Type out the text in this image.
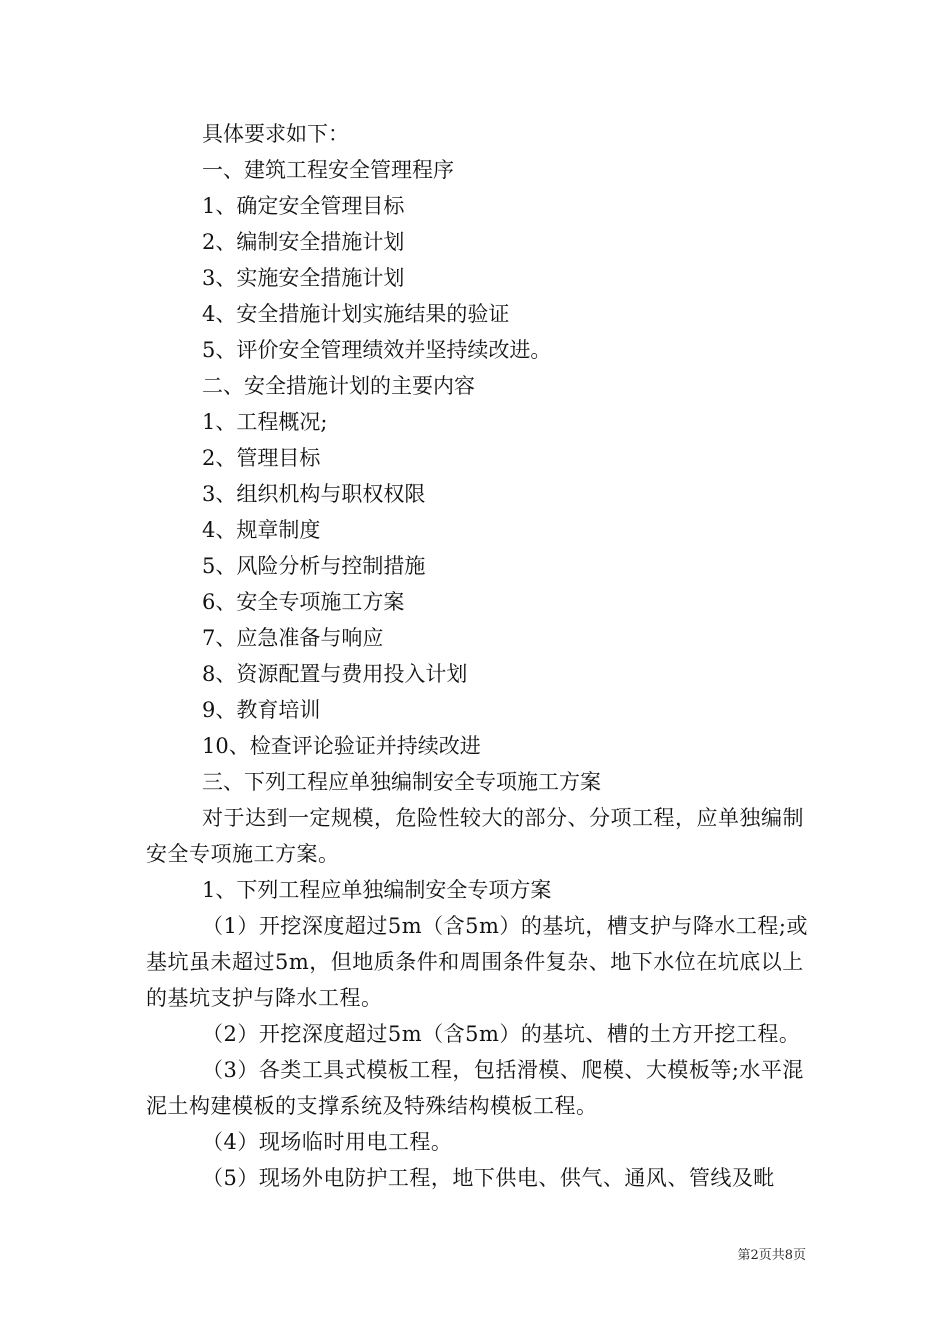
具体要求如下：

一、建筑工程安全管理程序

1、确定安全管理目标

2、编制安全措施计划

3、实施安全措施计划

4、安全措施计划实施结果的验证

5、评价安全管理绩效并坚持续改进。

二、安全措施计划的主要内容

1、工程概况;

2、管理目标

3、组织机构与职权权限

4、规章制度

5、风险分析与控制措施

6、安全专项施工方案

7、应急准备与响应

8、资源配置与费用投入计划

9、教育培训

10、检查评论验证并持续改进

三、下列工程应单独编制安全专项施工方案

对于达到一定规模，危险性较大的部分、分项工程，应单独编制安全专项施工方案。

1、下列工程应单独编制安全专项方案

（1）开挖深度超过5m（含5m）的基坑，槽支护与降水工程;或基坑虽未超过5m，但地质条件和周围条件复杂、地下水位在坑底以上的基坑支护与降水工程。

（2）开挖深度超过5m（含5m）的基坑、槽的土方开挖工程。

（3）各类工具式模板工程，包括滑模、爬模、大模板等;水平混泥土构建模板的支撑系统及特殊结构模板工程。

（4）现场临时用电工程。

（5）现场外电防护工程，地下供电、供气、通风、管线及毗

第2页共8页
